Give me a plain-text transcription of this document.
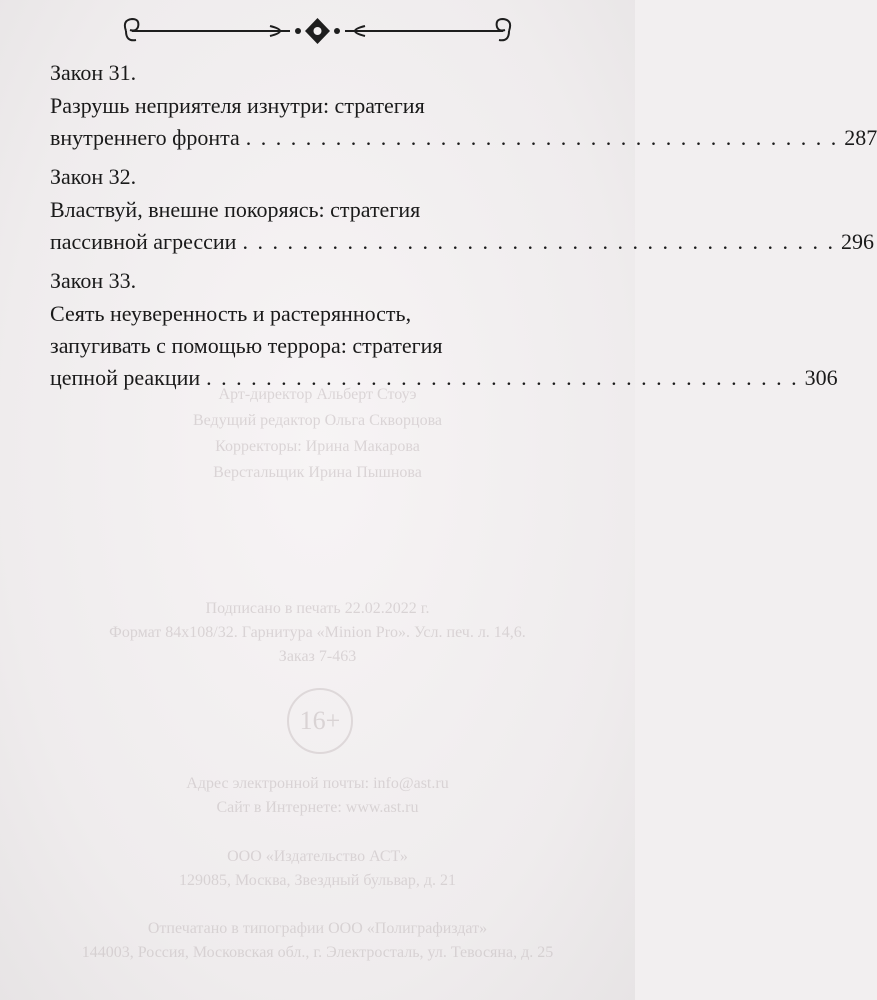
Арт-директор Альберт Стоуэ
Ведущий редактор Ольга Скворцова
Корректоры: Ирина Макарова
Верстальщик Ирина Пышнова
Подписано в печать 22.02.2022 г.
Формат 84х108/32. Гарнитура «Minion Pro». Усл. печ. л. 14,6.
Заказ 7-463
16+
Адрес электронной почты: info@ast.ru
Сайт в Интернете: www.ast.ru
ООО «Издательство АСТ»
129085, Москва, Звездный бульвар, д. 21
Отпечатано в типографии ООО «Полиграфиздат»
144003, Россия, Московская обл., г. Электросталь, ул. Тевосяна, д. 25
Закон 31.
Разрушь неприятеля изнутри: стратегия
внутреннего фронта . . . . . . . . . . . . . . . . . . . . . . . . . . . . . . . . . . . . . . . . 287
Закон 32.
Властвуй, внешне покоряясь: стратегия
пассивной агрессии . . . . . . . . . . . . . . . . . . . . . . . . . . . . . . . . . . . . . . . . 296
Закон 33.
Сеять неуверенность и растерянность,
запугивать с помощью террора: стратегия
цепной реакции . . . . . . . . . . . . . . . . . . . . . . . . . . . . . . . . . . . . . . . . 306
